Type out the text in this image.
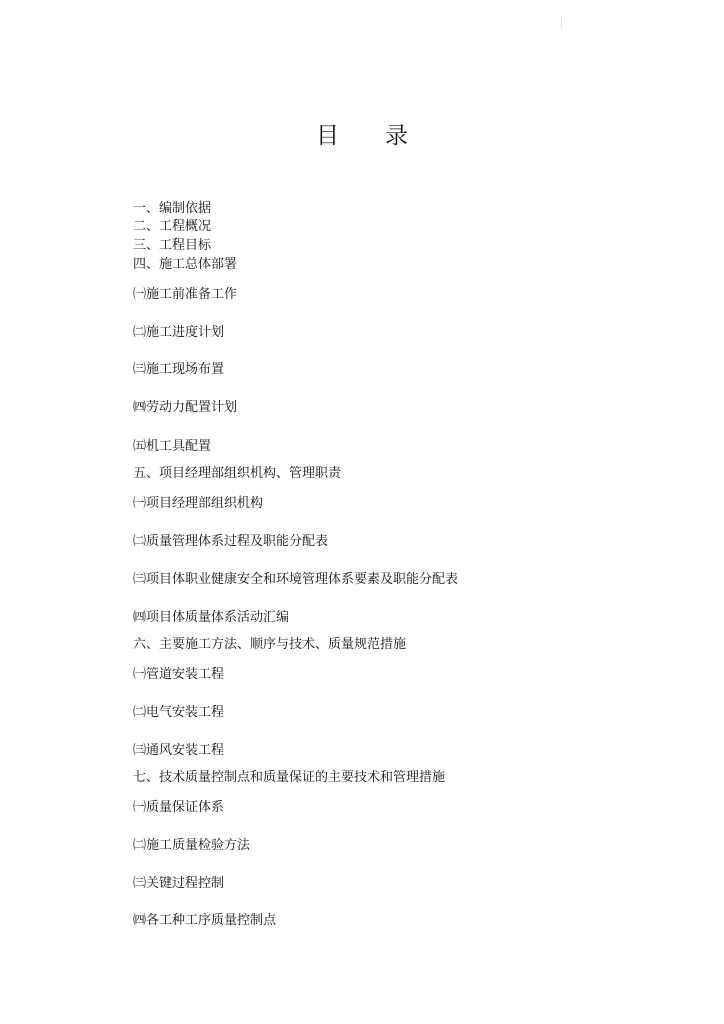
目　　录
一、编制依据
二、工程概况
三、工程目标
四、施工总体部署
㈠施工前准备工作
㈡施工进度计划
㈢施工现场布置
㈣劳动力配置计划
㈤机工具配置
五、项目经理部组织机构、管理职责
㈠项目经理部组织机构
㈡质量管理体系过程及职能分配表
㈢项目体职业健康安全和环境管理体系要素及职能分配表
㈣项目体质量体系活动汇编
六、主要施工方法、顺序与技术、质量规范措施
㈠管道安装工程
㈡电气安装工程
㈢通风安装工程
七、技术质量控制点和质量保证的主要技术和管理措施
㈠质量保证体系
㈡施工质量检验方法
㈢关键过程控制
㈣各工种工序质量控制点
